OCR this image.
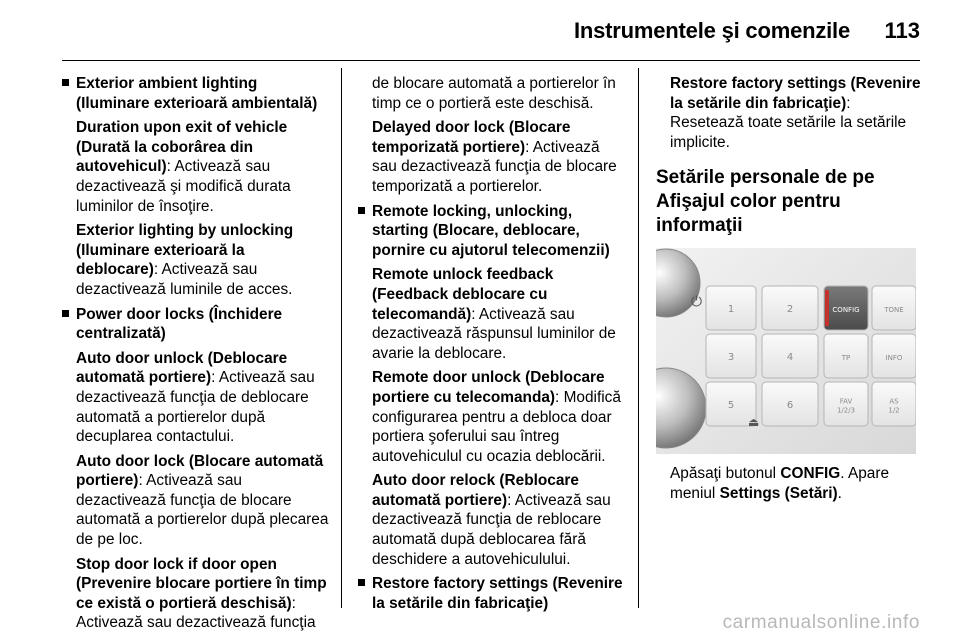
Instrumentele şi comenzile 113

Exterior ambient lighting (Iluminare exterioară ambientală)

Duration upon exit of vehicle (Durată la coborârea din autovehicul): Activează sau dezactivează şi modifică durata luminilor de însoţire.

Exterior lighting by unlocking (Iluminare exterioară la deblocare): Activează sau dezactivează luminile de acces.

Power door locks (Închidere centralizată)

Auto door unlock (Deblocare automată portiere): Activează sau dezactivează funcţia de deblocare automată a portierelor după decuplarea contactului.

Auto door lock (Blocare automată portiere): Activează sau dezactivează funcţia de blocare automată a portierelor după plecarea de pe loc.

Stop door lock if door open (Prevenire blocare portiere în timp ce există o portieră deschisă): Activează sau dezactivează funcţia

de blocare automată a portierelor în timp ce o portieră este deschisă.

Delayed door lock (Blocare temporizată portiere): Activează sau dezactivează funcţia de blocare temporizată a portierelor.

Remote locking, unlocking, starting (Blocare, deblocare, pornire cu ajutorul telecomenzii)

Remote unlock feedback (Feedback deblocare cu telecomandă): Activează sau dezactivează răspunsul luminilor de avarie la deblocare.

Remote door unlock (Deblocare portiere cu telecomanda): Modifică configurarea pentru a debloca doar portiera şoferului sau întreg autovehiculul cu ocazia deblocării.

Auto door relock (Reblocare automată portiere): Activează sau dezactivează funcţia de reblocare automată după deblocarea fără deschidere a autovehiculului.

Restore factory settings (Revenire la setările din fabricaţie)

Restore factory settings (Revenire la setările din fabricaţie): Resetează toate setările la setările implicite.

Setările personale de pe Afişajul color pentru informaţii
1	2
3	4
5	6
CONFIG	TONE
TP	INFO
FAV
1/2/3
AS
1/2
⏻
⏏

Apăsaţi butonul CONFIG. Apare meniul Settings (Setări).

carmanualsonline.info
